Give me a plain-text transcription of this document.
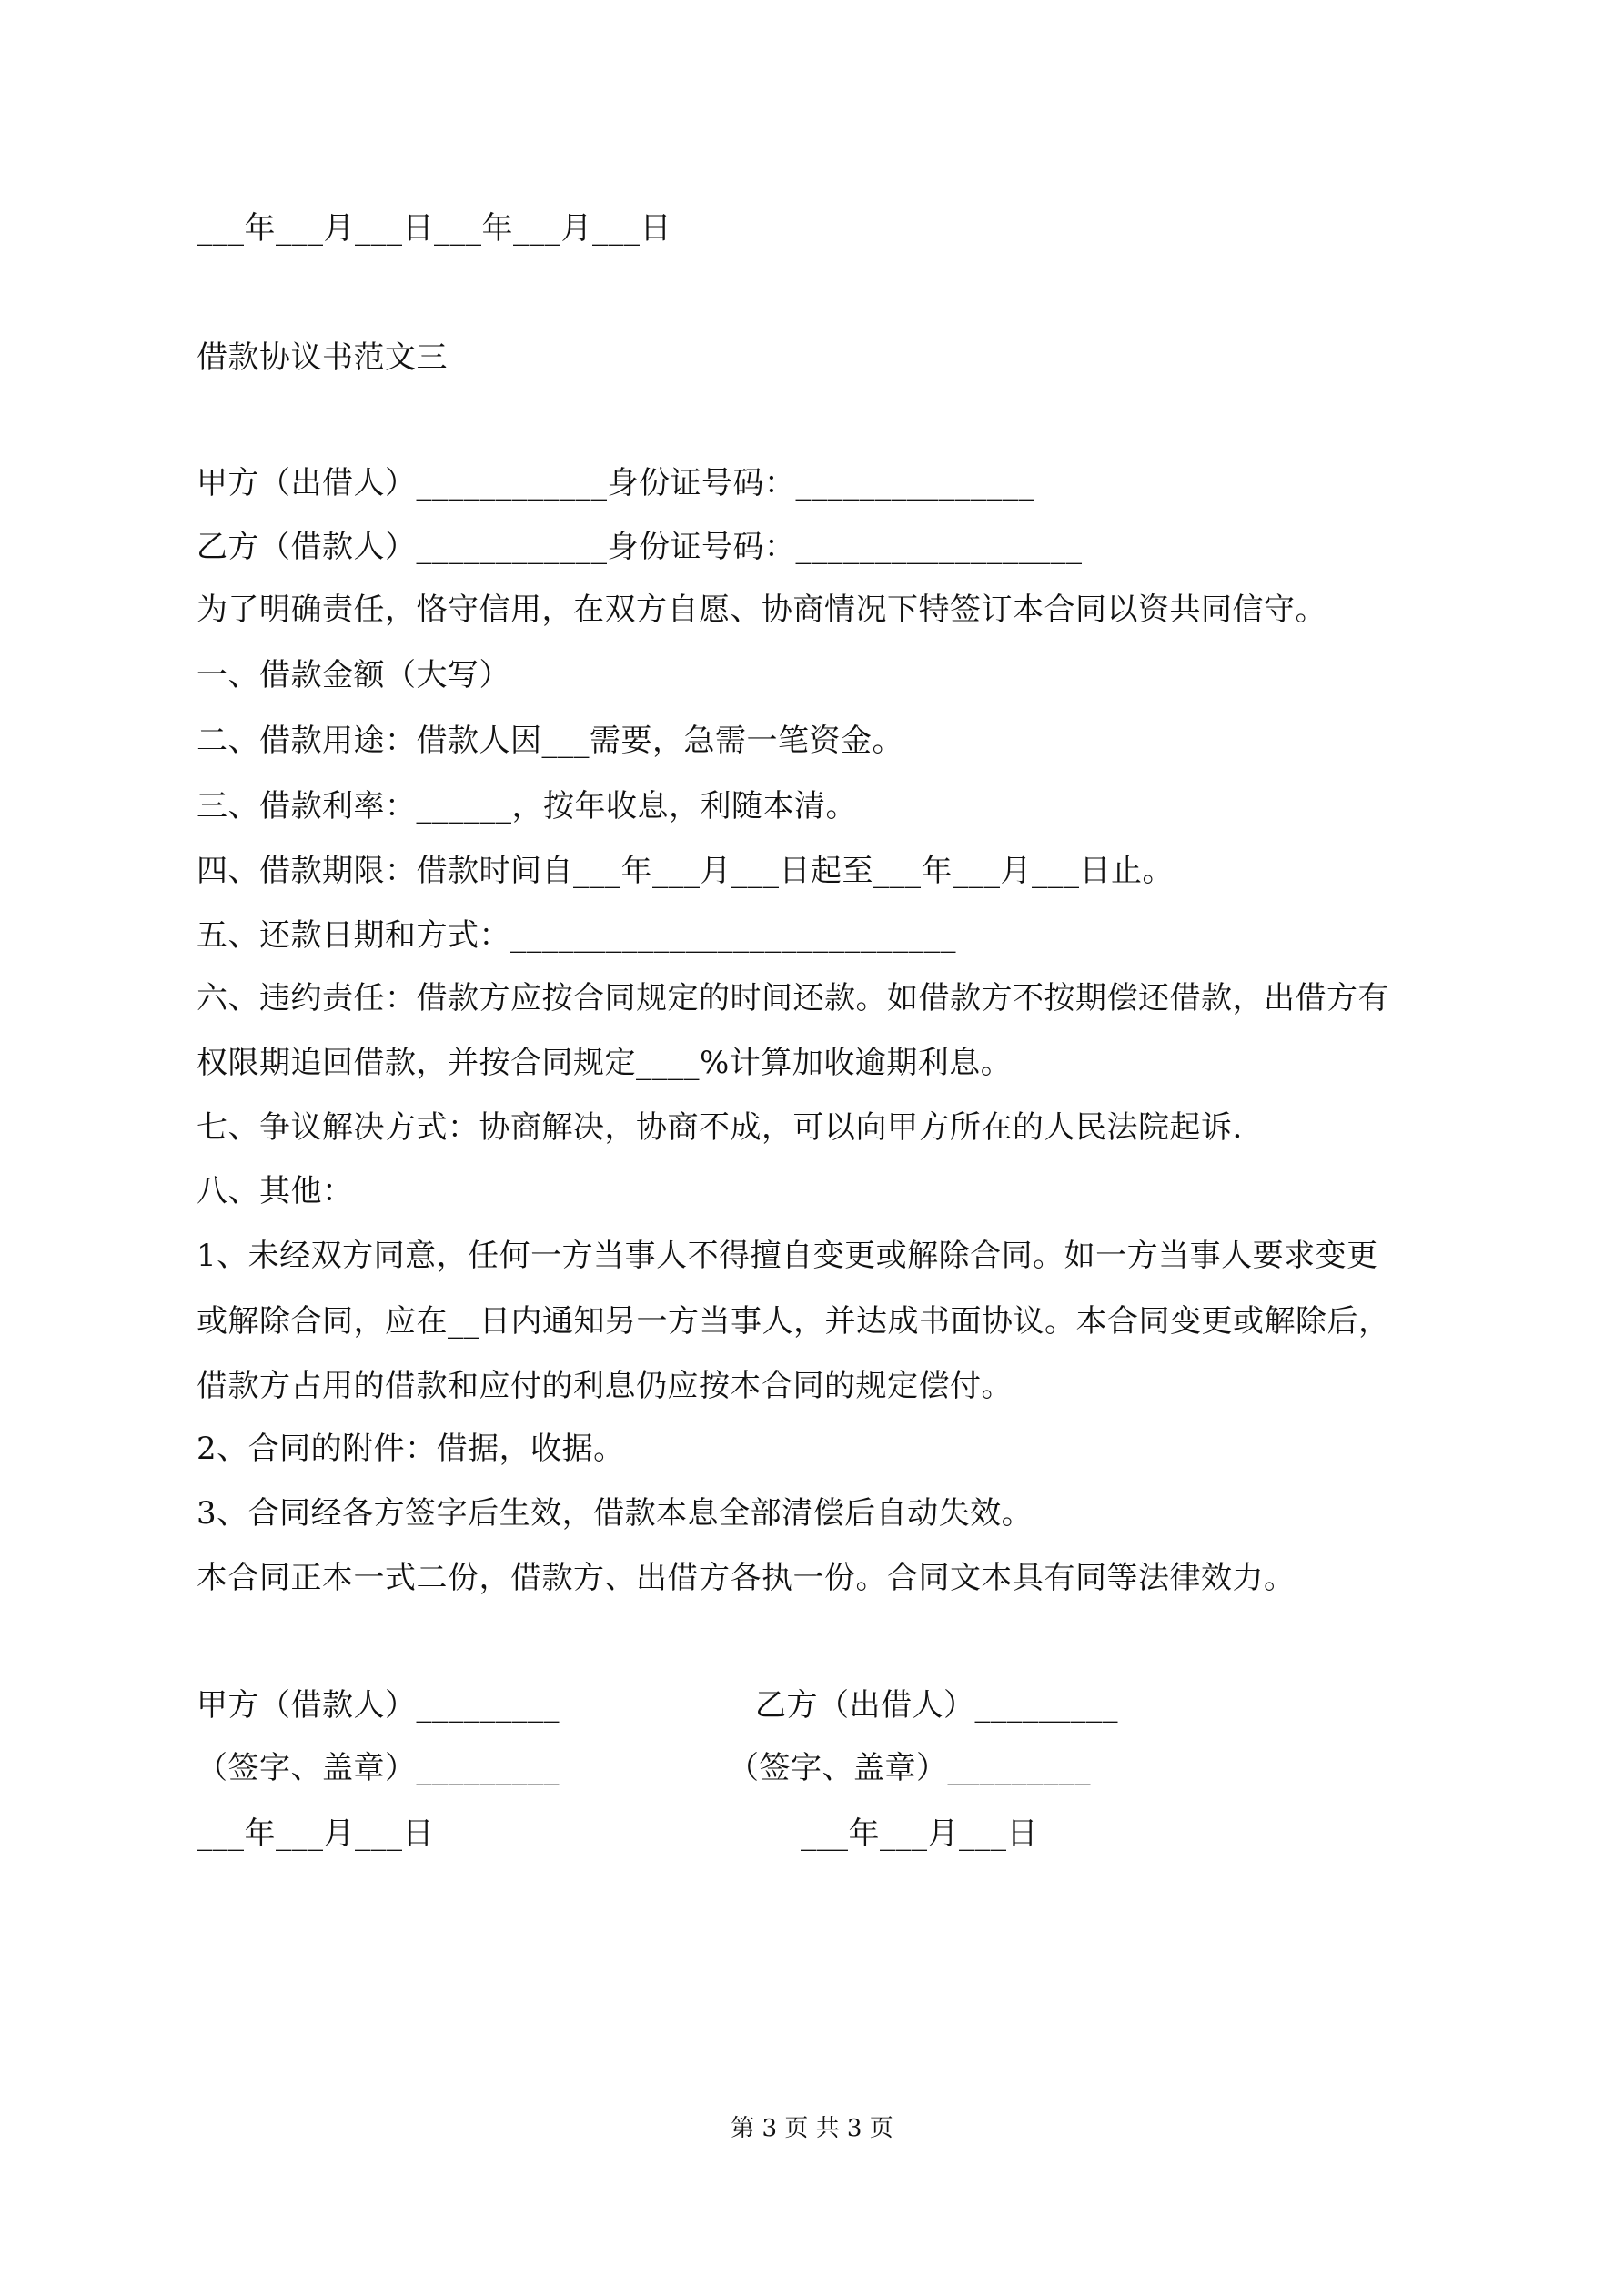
___年___月___日___年___月___日
借款协议书范文三
甲方（出借人）____________身份证号码：_______________
乙方（借款人）____________身份证号码：__________________
为了明确责任，恪守信用，在双方自愿、协商情况下特签订本合同以资共同信守。
一、借款金额（大写）
二、借款用途：借款人因___需要，急需一笔资金。
三、借款利率：______，按年收息，利随本清。
四、借款期限：借款时间自___年___月___日起至___年___月___日止。
五、还款日期和方式：____________________________
六、违约责任：借款方应按合同规定的时间还款。如借款方不按期偿还借款，出借方有
权限期追回借款，并按合同规定____%计算加收逾期利息。
七、争议解决方式：协商解决，协商不成，可以向甲方所在的人民法院起诉.
八、其他：
1、未经双方同意，任何一方当事人不得擅自变更或解除合同。如一方当事人要求变更
或解除合同，应在__日内通知另一方当事人，并达成书面协议。本合同变更或解除后，
借款方占用的借款和应付的利息仍应按本合同的规定偿付。
2、合同的附件：借据，收据。
3、合同经各方签字后生效，借款本息全部清偿后自动失效。
本合同正本一式二份，借款方、出借方各执一份。合同文本具有同等法律效力。
甲方（借款人）_________
（签字、盖章）_________
___年___月___日
乙方（出借人）_________
（签字、盖章）_________
___年___月___日
第 3 页 共 3 页
